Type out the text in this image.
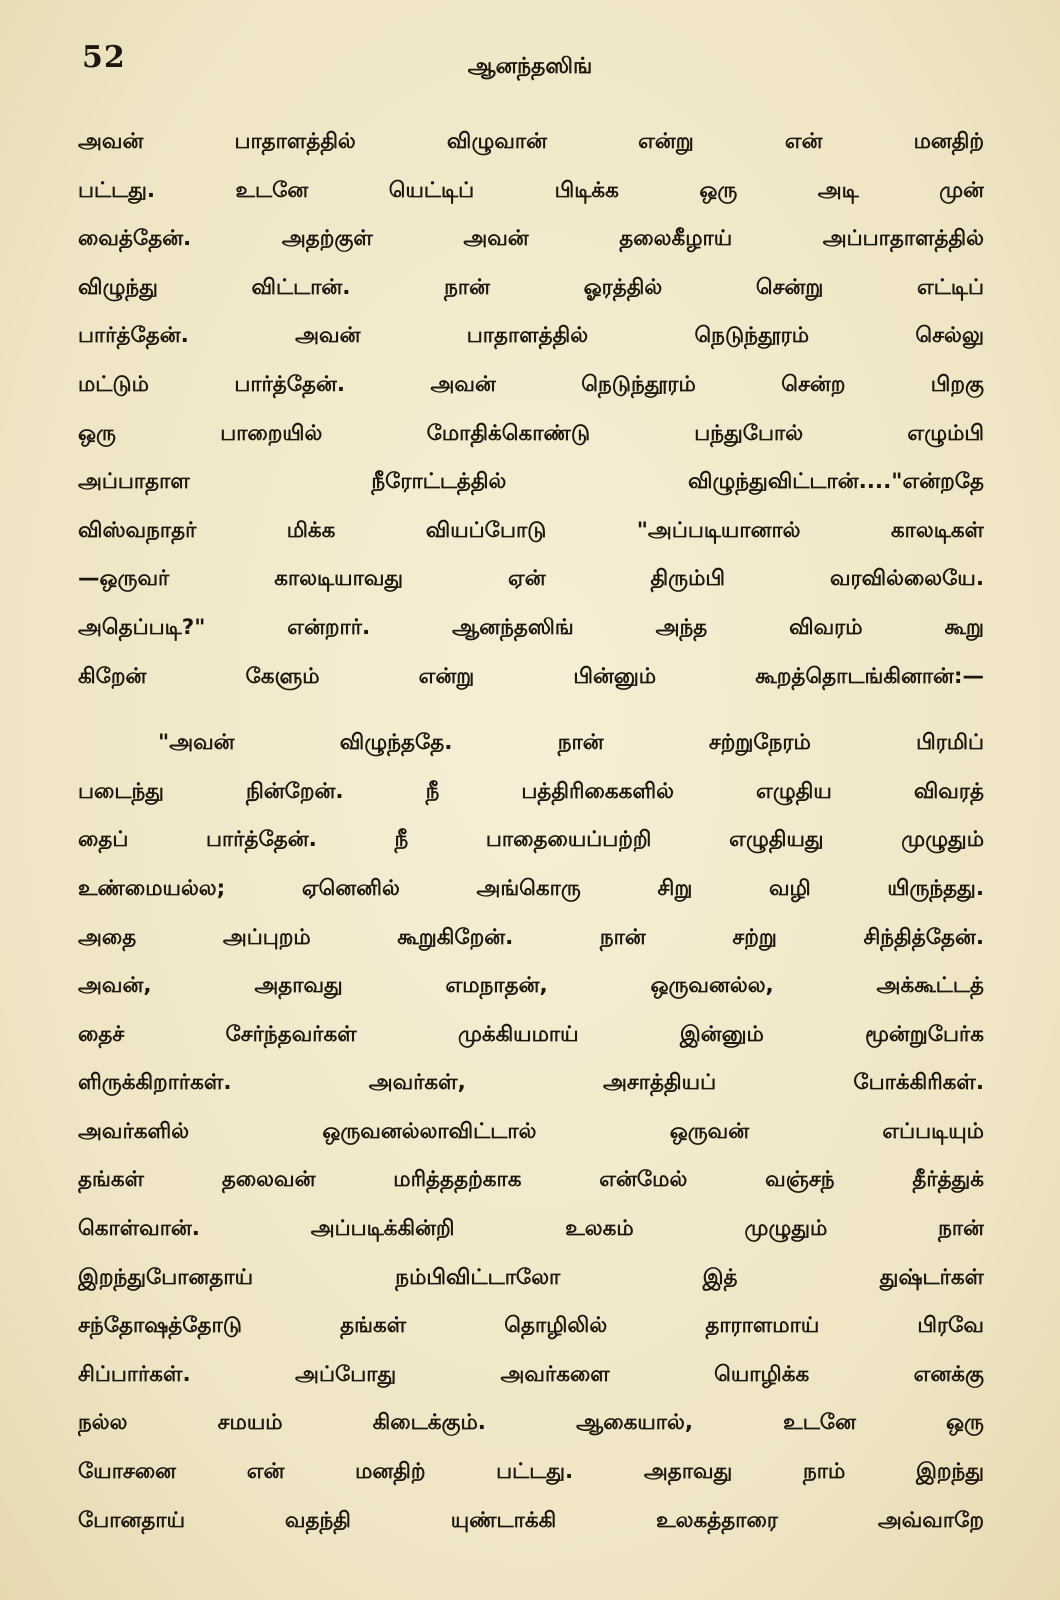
52	ஆனந்தஸிங்
அவன் பாதாளத்தில் விழுவான் என்று என் மனதிற்
பட்டது. உடனே யெட்டிப் பிடிக்க ஒரு அடி முன்
வைத்தேன். அதற்குள் அவன் தலைகீழாய் அப்பாதாளத்தில்
விழுந்து விட்டான். நான் ஓரத்தில் சென்று எட்டிப்
பார்த்தேன். அவன் பாதாளத்தில் நெடுந்தூரம் செல்லு
மட்டும் பார்த்தேன். அவன் நெடுந்தூரம் சென்ற பிறகு
ஒரு பாறையில் மோதிக்கொண்டு பந்துபோல் எழும்பி
அப்பாதாள நீரோட்டத்தில் விழுந்துவிட்டான்...."என்றதே
விஸ்வநாதர் மிக்க வியப்போடு "அப்படியானால் காலடிகள்
—ஒருவர் காலடியாவது ஏன் திரும்பி வரவில்லையே.
அதெப்படி?" என்றார். ஆனந்தஸிங் அந்த விவரம் கூறு
கிறேன் கேளும் என்று பின்னும் கூறத்தொடங்கினான்:—
"அவன் விழுந்ததே. நான் சற்றுநேரம் பிரமிப்
படைந்து நின்றேன். நீ பத்திரிகைகளில் எழுதிய விவரத்
தைப் பார்த்தேன். நீ பாதையைப்பற்றி எழுதியது முழுதும்
உண்மையல்ல; ஏனெனில் அங்கொரு சிறு வழி யிருந்தது.
அதை அப்புறம் கூறுகிறேன். நான் சற்று சிந்தித்தேன்.
அவன், அதாவது எமநாதன், ஒருவனல்ல, அக்கூட்டத்
தைச் சேர்ந்தவர்கள் முக்கியமாய் இன்னும் மூன்றுபேர்க
ளிருக்கிறார்கள். அவர்கள், அசாத்தியப் போக்கிரிகள்.
அவர்களில் ஒருவனல்லாவிட்டால் ஒருவன் எப்படியும்
தங்கள் தலைவன் மரித்ததற்காக என்மேல் வஞ்சந் தீர்த்துக்
கொள்வான். அப்படிக்கின்றி உலகம் முழுதும் நான்
இறந்துபோனதாய் நம்பிவிட்டாலோ இத் துஷ்டர்கள்
சந்தோஷத்தோடு தங்கள் தொழிலில் தாராளமாய் பிரவே
சிப்பார்கள். அப்போது அவர்களை யொழிக்க எனக்கு
நல்ல சமயம் கிடைக்கும். ஆகையால், உடனே ஒரு
யோசனை என் மனதிற் பட்டது. அதாவது நாம் இறந்து
போனதாய் வதந்தி யுண்டாக்கி உலகத்தாரை அவ்வாறே
